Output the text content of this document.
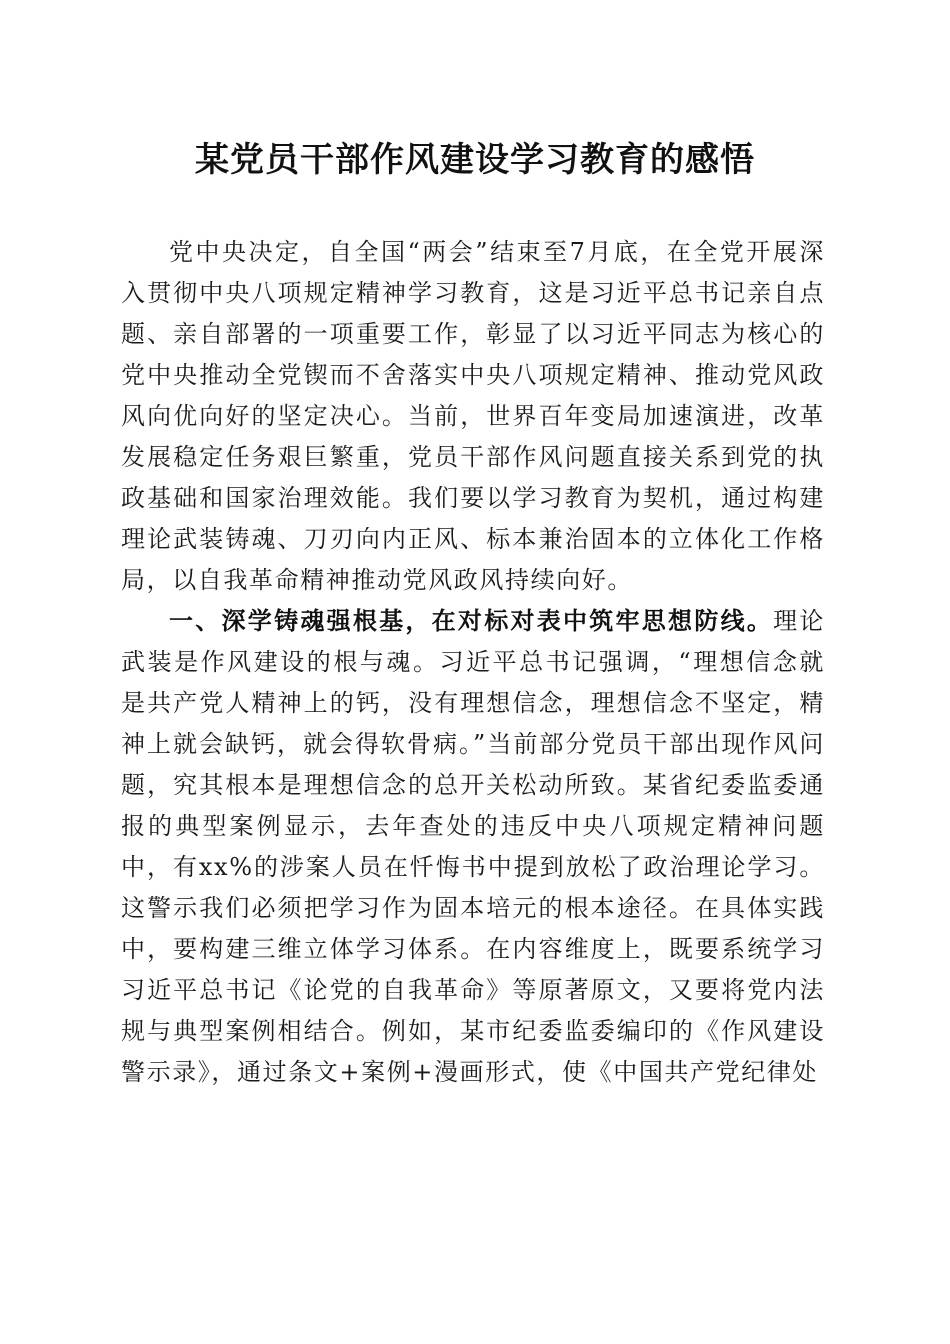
某党员干部作风建设学习教育的感悟

党中央决定，自全国“两会”结束至7月底，在全党开展深入贯彻中央八项规定精神学习教育，这是习近平总书记亲自点题、亲自部署的一项重要工作，彰显了以习近平同志为核心的党中央推动全党锲而不舍落实中央八项规定精神、推动党风政风向优向好的坚定决心。当前，世界百年变局加速演进，改革发展稳定任务艰巨繁重，党员干部作风问题直接关系到党的执政基础和国家治理效能。我们要以学习教育为契机，通过构建理论武装铸魂、刀刃向内正风、标本兼治固本的立体化工作格局，以自我革命精神推动党风政风持续向好。

一、深学铸魂强根基，在对标对表中筑牢思想防线。理论武装是作风建设的根与魂。习近平总书记强调，“理想信念就是共产党人精神上的钙，没有理想信念，理想信念不坚定，精神上就会缺钙，就会得软骨病。”当前部分党员干部出现作风问题，究其根本是理想信念的总开关松动所致。某省纪委监委通报的典型案例显示，去年查处的违反中央八项规定精神问题中，有xx%的涉案人员在忏悔书中提到放松了政治理论学习。这警示我们必须把学习作为固本培元的根本途径。在具体实践中，要构建三维立体学习体系。在内容维度上，既要系统学习习近平总书记《论党的自我革命》等原著原文，又要将党内法规与典型案例相结合。例如，某市纪委监委编印的《作风建设警示录》，通过条文+案例+漫画形式，使《中国共产党纪律处
